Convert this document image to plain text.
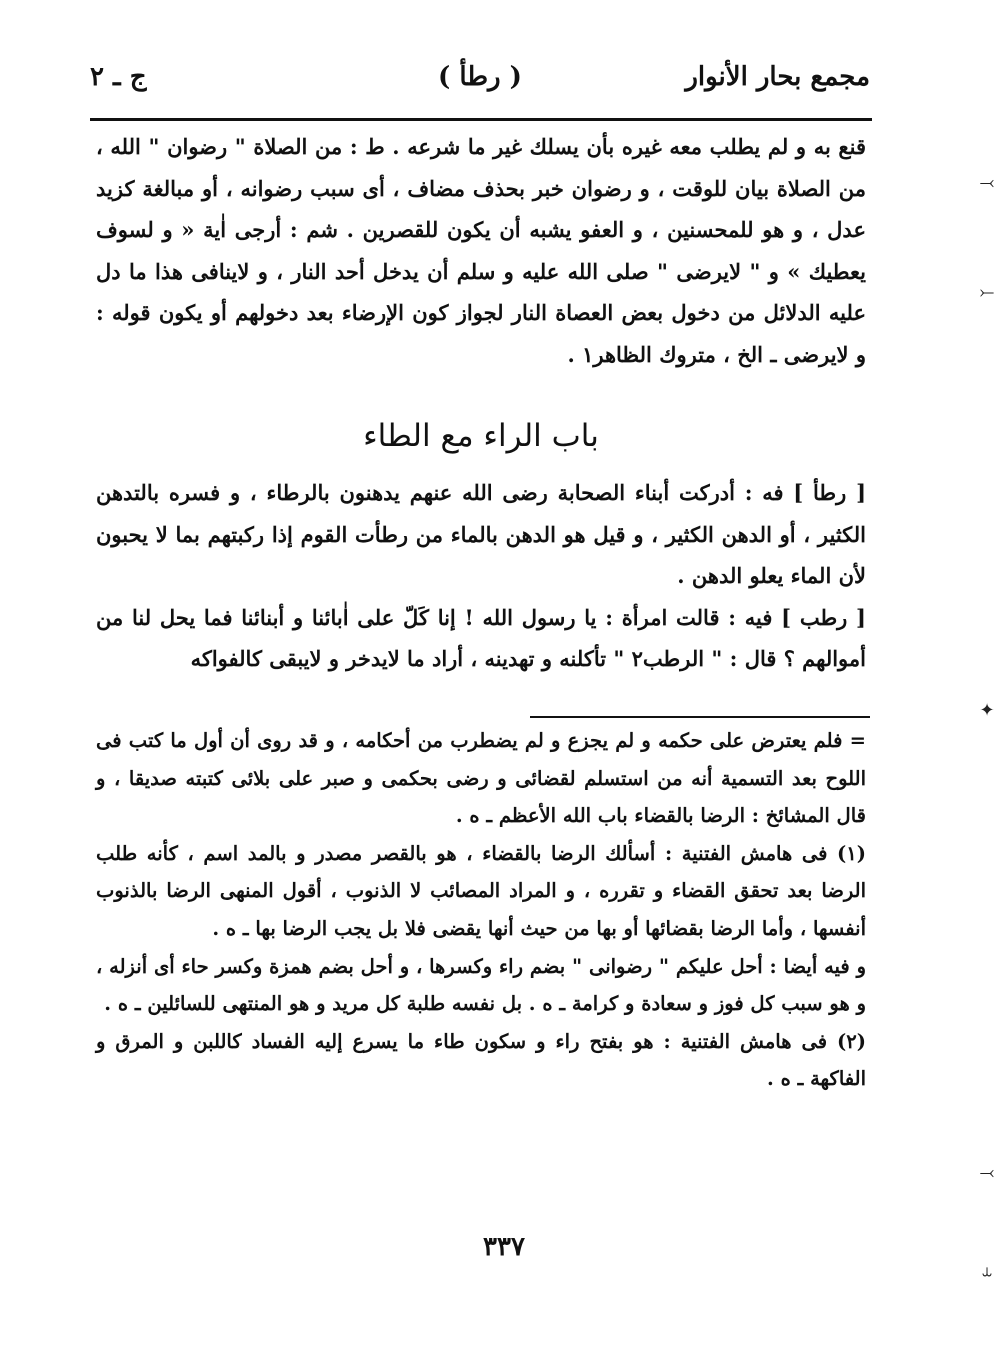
مجمع بحار الأنوار
( رطأ )
ج ـ ٢

قنع به و لم يطلب معه غيره بأن يسلك غير ما شرعه . ط : من الصلاة " رضوان " الله ، من الصلاة بيان للوقت ، و رضوان خبر بحذف مضاف ، أى سبب رضوانه ، أو مبالغة كزيد عدل ، و هو للمحسنين ، و العفو يشبه أن يكون للقصرين . شم : أرجى اٰية « و لسوف يعطيك » و " لايرضى " صلى الله عليه و سلم أن يدخل أحد النار ، و لاينافى هذا ما دل عليه الدلائل من دخول بعض العصاة النار لجواز كون الإرضاء بعد دخولهم أو يكون قوله : و لايرضى ـ الخ ، متروك الظاهر١ .

باب الراء مع الطاء

[ رطأ ] فه : أدركت أبناء الصحابة رضى الله عنهم يدهنون بالرطاء ، و فسره بالتدهن الكثير ، أو الدهن الكثير ، و قيل هو الدهن بالماء من رطأت القوم إذا ركبتهم بما لا يحبون لأن الماء يعلو الدهن .

[ رطب ] فيه : قالت امرأة : يا رسول الله ! إنا كَلّ على اٰبائنا و أبنائنا فما يحل لنا من أموالهم ؟ قال : " الرطب٢ " تأكلنه و تهدينه ، أراد ما لايدخر و لايبقى كالفواكه

= فلم يعترض على حكمه و لم يجزع و لم يضطرب من أحكامه ، و قد روى أن أول ما كتب فى اللوح بعد التسمية أنه من استسلم لقضائى و رضى بحكمى و صبر على بلائى كتبته صديقا ، و قال المشائخ : الرضا بالقضاء باب الله الأعظم ـ ه .

(١) فى هامش الفتنية : أسألك الرضا بالقضاء ، هو بالقصر مصدر و بالمد اسم ، كأنه طلب الرضا بعد تحقق القضاء و تقرره ، و المراد المصائب لا الذنوب ، أقول المنهى الرضا بالذنوب أنفسها ، وأما الرضا بقضائها أو بها من حيث أنها يقضى فلا بل يجب الرضا بها ـ ه .

و فيه أيضا : أحل عليكم " رضوانى " بضم راء وكسرها ، و أحل بضم همزة وكسر حاء أى أنزله ، و هو سبب كل فوز و سعادة و كرامة ـ ه . بل نفسه طلبة كل مريد و هو المنتهى للسائلين ـ ه .

(٢) فى هامش الفتنية : هو بفتح راء و سكون طاء ما يسرع إليه الفساد كاللبن و المرق و الفاكهة ـ ه .

٣٣٧
⤙
⤚
✦
⤙
⥿
